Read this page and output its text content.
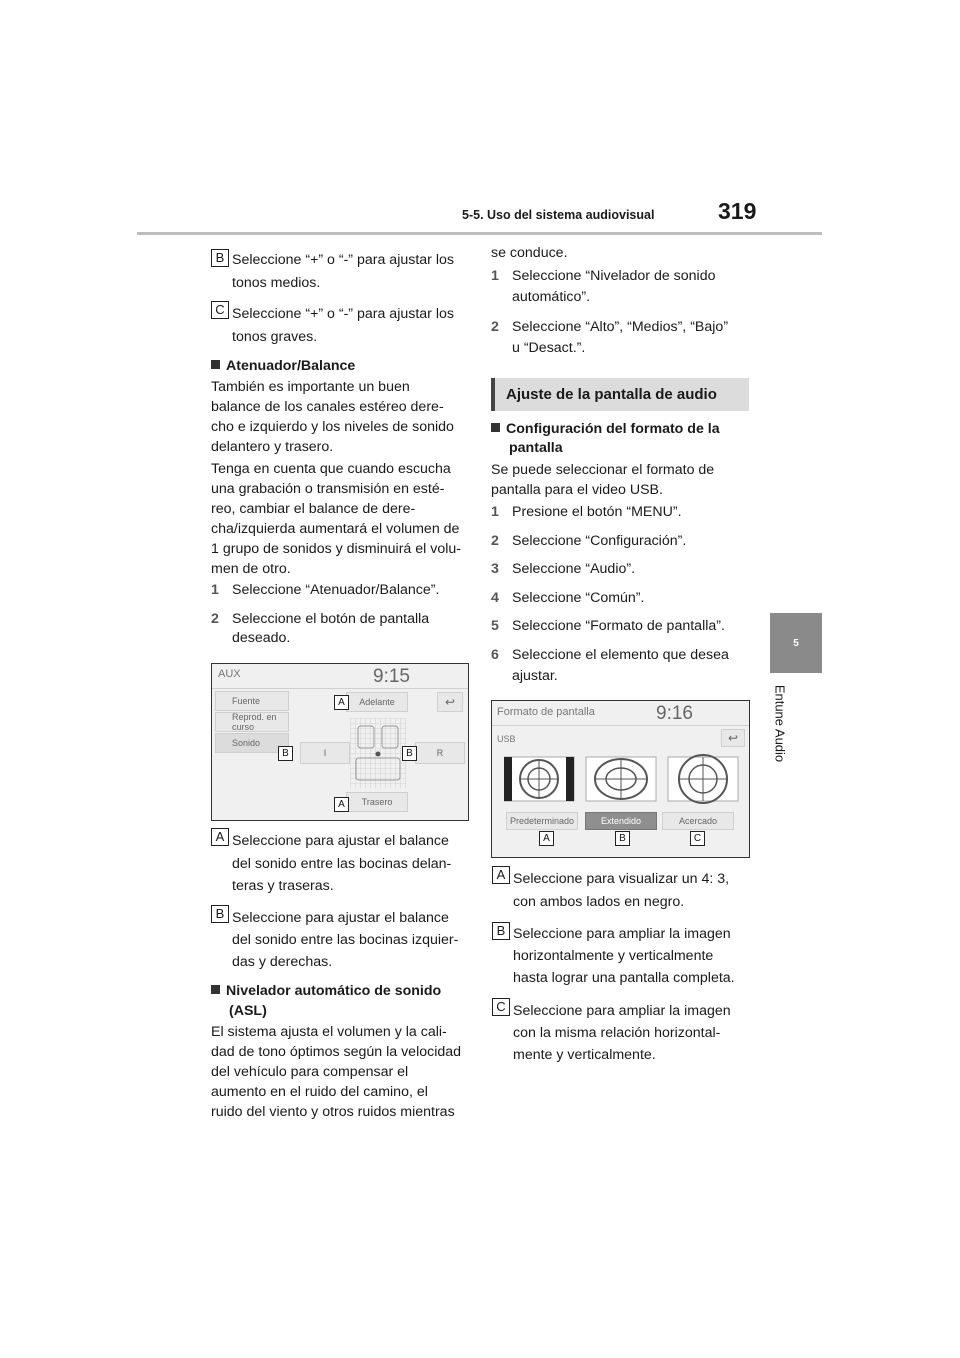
5-5. Uso del sistema audiovisual	319
5
Entune Audio
B Seleccione “+” o “-” para ajustar los

tonos medios.

C Seleccione “+” o “-” para ajustar los

tonos graves.

Atenuador/Balance

También es importante un buen

balance de los canales estéreo dere-

cho e izquierdo y los niveles de sonido

delantero y trasero.

Tenga en cuenta que cuando escucha

una grabación o transmisión en esté-

reo, cambiar el balance de dere-

cha/izquierda aumentará el volumen de

1 grupo de sonidos y disminuirá el volu-

men de otro.

1 Seleccione “Atenuador/Balance”.

2 Seleccione el botón de pantalla

deseado.

AUX	9:15
Fuente
Reprod. en curso
Sonido
Adelante	↩
I	R
Trasero
A
A
B	B
A Seleccione para ajustar el balance

del sonido entre las bocinas delan-

teras y traseras.

B Seleccione para ajustar el balance

del sonido entre las bocinas izquier-

das y derechas.

Nivelador automático de sonido

(ASL)

El sistema ajusta el volumen y la cali-

dad de tono óptimos según la velocidad

del vehículo para compensar el

aumento en el ruido del camino, el

ruido del viento y otros ruidos mientras

se conduce.

1 Seleccione “Nivelador de sonido

automático”.

2 Seleccione “Alto”, “Medios”, “Bajo”

u “Desact.”.

Ajuste de la pantalla de audio

Configuración del formato de la

pantalla

Se puede seleccionar el formato de

pantalla para el video USB.

1 Presione el botón “MENU”.

2 Seleccione “Configuración”.

3 Seleccione “Audio”.

4 Seleccione “Común”.

5 Seleccione “Formato de pantalla”.

6 Seleccione el elemento que desea

ajustar.

Formato de pantalla	9:16
USB	↩
Predeterminado	Extendido	Acercado
A	B	C
A Seleccione para visualizar un 4: 3,

con ambos lados en negro.

B Seleccione para ampliar la imagen

horizontalmente y verticalmente

hasta lograr una pantalla completa.

C Seleccione para ampliar la imagen

con la misma relación horizontal-

mente y verticalmente.
